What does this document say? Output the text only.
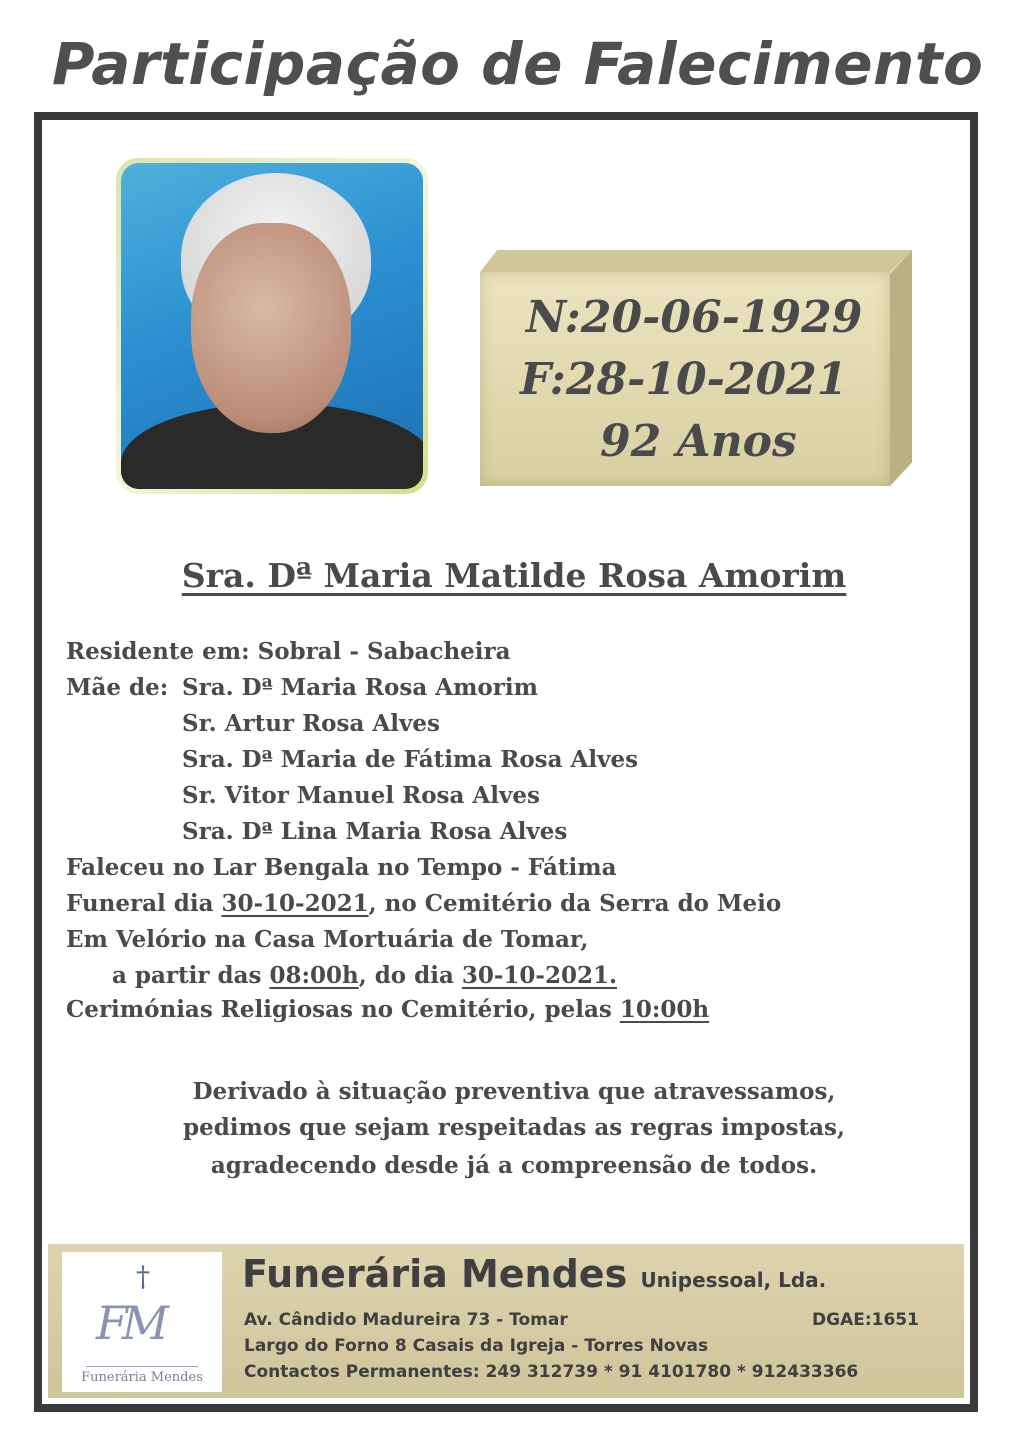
Participação de Falecimento
N:20-06-1929
F:28-10-2021
92 Anos
Sra. Dª Maria Matilde Rosa Amorim
Residente em: Sobral - Sabacheira
Mãe de: Sra. Dª Maria Rosa Amorim
Sr. Artur Rosa Alves
Sra. Dª Maria de Fátima Rosa Alves
Sr. Vitor Manuel Rosa Alves
Sra. Dª Lina Maria Rosa Alves
Faleceu no Lar Bengala no Tempo - Fátima
Funeral dia 30-10-2021, no Cemitério da Serra do Meio
Em Velório na Casa Mortuária de Tomar,
a partir das 08:00h, do dia 30-10-2021.
Cerimónias Religiosas no Cemitério, pelas 10:00h
Derivado à situação preventiva que atravessamos,
pedimos que sejam respeitadas as regras impostas,
agradecendo desde já a compreensão de todos.
†
FM
Funerária Mendes
Funerária Mendes Unipessoal, Lda.
Av. Cândido Madureira 73 - Tomar	DGAE:1651
Largo do Forno 8 Casais da Igreja - Torres Novas
Contactos Permanentes: 249 312739 * 91 4101780 * 912433366
